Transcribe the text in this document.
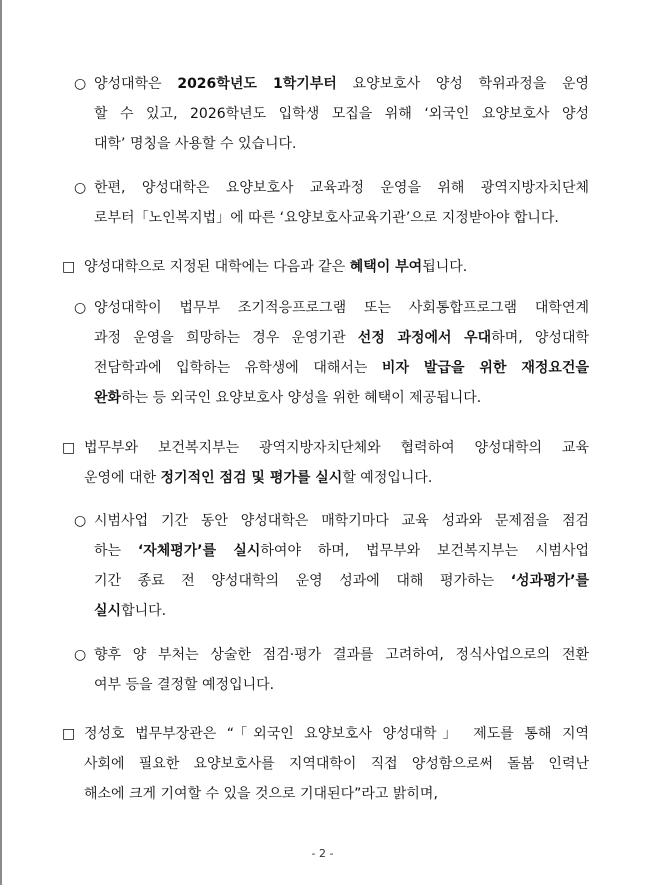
○ 양성대학은 2026학년도 1학기부터 요양보호사 양성 학위과정을 운영
할 수 있고, 2026학년도 입학생 모집을 위해 ‘외국인 요양보호사 양성
대학’ 명칭을 사용할 수 있습니다.
○ 한편, 양성대학은 요양보호사 교육과정 운영을 위해 광역지방자치단체
로부터「노인복지법」에 따른 ‘요양보호사교육기관’으로 지정받아야 합니다.
□ 양성대학으로 지정된 대학에는 다음과 같은 혜택이 부여됩니다.
○ 양성대학이 법무부 조기적응프로그램 또는 사회통합프로그램 대학연계
과정 운영을 희망하는 경우 운영기관 선정 과정에서 우대하며, 양성대학
전담학과에 입학하는 유학생에 대해서는 비자 발급을 위한 재정요건을
완화하는 등 외국인 요양보호사 양성을 위한 혜택이 제공됩니다.
□ 법무부와 보건복지부는 광역지방자치단체와 협력하여 양성대학의 교육
운영에 대한 정기적인 점검 및 평가를 실시할 예정입니다.
○ 시범사업 기간 동안 양성대학은 매학기마다 교육 성과와 문제점을 점검
하는 ‘자체평가’를 실시하여야 하며, 법무부와 보건복지부는 시범사업
기간 종료 전 양성대학의 운영 성과에 대해 평가하는 ‘성과평가’를
실시합니다.
○ 향후 양 부처는 상술한 점검·평가 결과를 고려하여, 정식사업으로의 전환
여부 등을 결정할 예정입니다.
□ 정성호 법무부장관은 “「외국인 요양보호사 양성대학」 제도를 통해 지역
사회에 필요한 요양보호사를 지역대학이 직접 양성함으로써 돌봄 인력난
해소에 크게 기여할 수 있을 것으로 기대된다”라고 밝히며,
- 2 -
